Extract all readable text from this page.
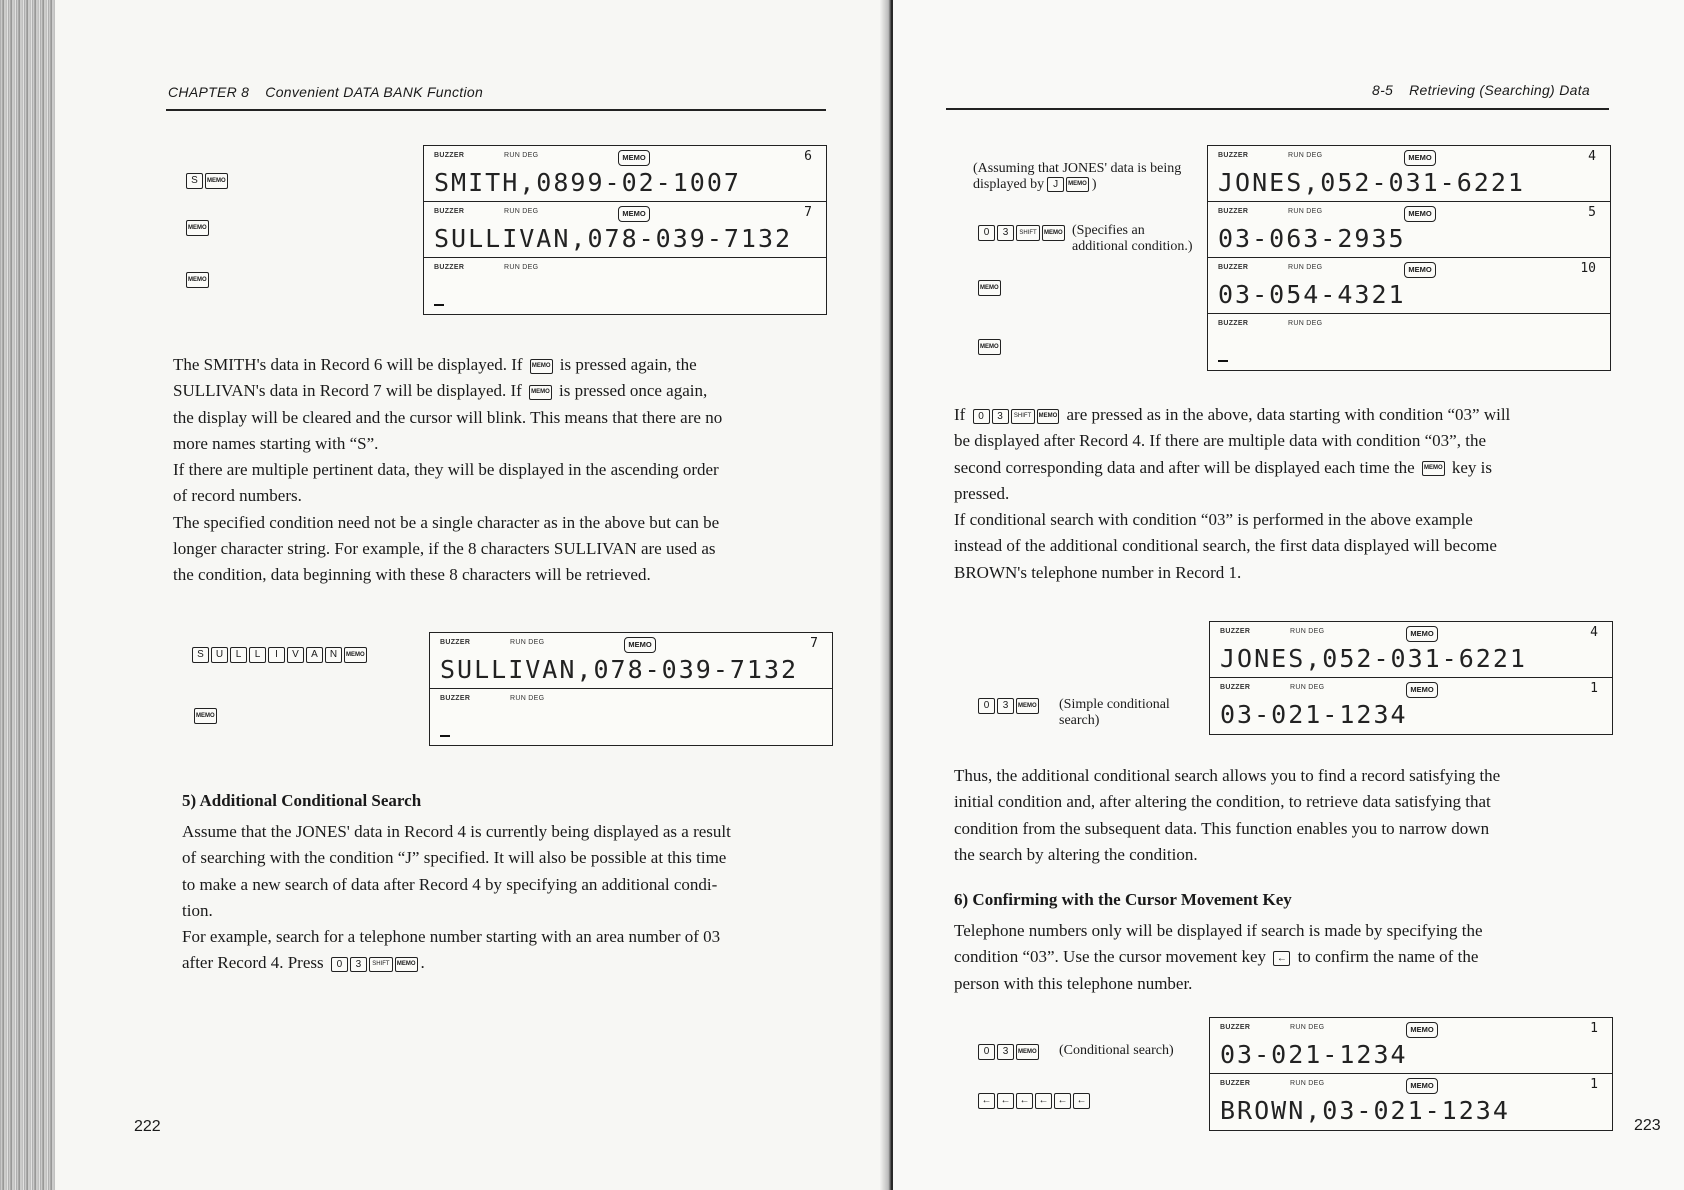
CHAPTER 8 Convenient DATA BANK Function
S	MEMO
MEMO
MEMO
BUZZER	RUN DEG	MEMO	6
SMITH,0899-02-1007
BUZZER	RUN DEG	MEMO	7
SULLIVAN,078-039-7132
BUZZER	RUN DEG

The SMITH's data in Record 6 will be displayed. If MEMO is pressed again, the

SULLIVAN's data in Record 7 will be displayed. If MEMO is pressed once again,

the display will be cleared and the cursor will blink. This means that there are no

more names starting with “S”.

If there are multiple pertinent data, they will be displayed in the ascending order

of record numbers.

The specified condition need not be a single character as in the above but can be

longer character string. For example, if the 8 characters SULLIVAN are used as

the condition, data beginning with these 8 characters will be retrieved.

S	U	L	L	I	V	A	N	MEMO
MEMO
BUZZER	RUN DEG	MEMO	7
SULLIVAN,078-039-7132
BUZZER	RUN DEG
5) Additional Conditional Search

Assume that the JONES' data in Record 4 is currently being displayed as a result

of searching with the condition “J” specified. It will also be possible at this time

to make a new search of data after Record 4 by specifying an additional condi-

tion.

For example, search for a telephone number starting with an area number of 03

after Record 4. Press 0	3	SHIFT	MEMO .

222
8-5 Retrieving (Searching) Data
(Assuming that JONES' data is being displayed by J	MEMO )
0	3	SHIFT	MEMO (Specifies an additional condition.)
MEMO
MEMO
BUZZER	RUN DEG	MEMO	4
JONES,052-031-6221
BUZZER	RUN DEG	MEMO	5
03-063-2935
BUZZER	RUN DEG	MEMO	10
03-054-4321
BUZZER	RUN DEG

If 0	3	SHIFT	MEMO are pressed as in the above, data starting with condition “03” will

be displayed after Record 4. If there are multiple data with condition “03”, the

second corresponding data and after will be displayed each time the MEMO key is

pressed.

If conditional search with condition “03” is performed in the above example

instead of the additional conditional search, the first data displayed will become

BROWN's telephone number in Record 1.

0	3	MEMO (Simple conditional search)
BUZZER	RUN DEG	MEMO	4
JONES,052-031-6221
BUZZER	RUN DEG	MEMO	1
03-021-1234

Thus, the additional conditional search allows you to find a record satisfying the

initial condition and, after altering the condition, to retrieve data satisfying that

condition from the subsequent data. This function enables you to narrow down

the search by altering the condition.

6) Confirming with the Cursor Movement Key

Telephone numbers only will be displayed if search is made by specifying the

condition “03”. Use the cursor movement key ← to confirm the name of the

person with this telephone number.

0	3	MEMO (Conditional search)
← ← ← ← ← ←
BUZZER	RUN DEG	MEMO	1
03-021-1234
BUZZER	RUN DEG	MEMO	1
BROWN,03-021-1234
223
